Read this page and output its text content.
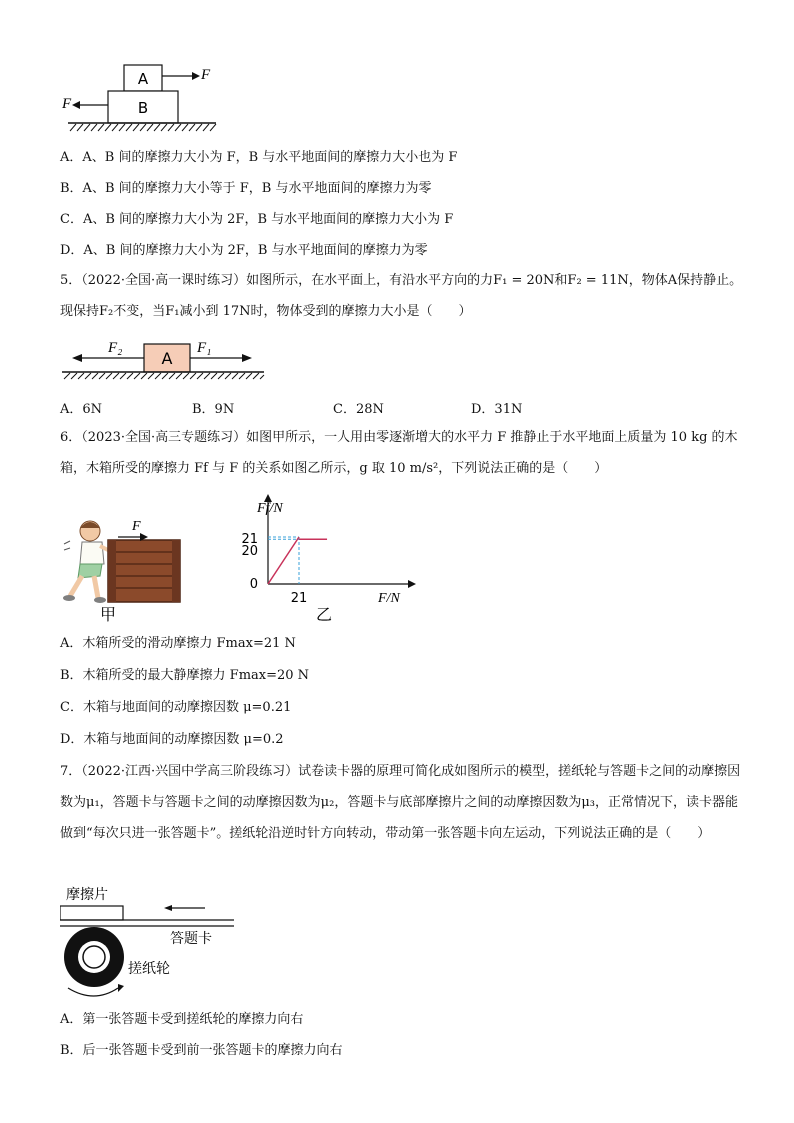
A
B
F
F
A．A、B 间的摩擦力大小为 F，B 与水平地面间的摩擦力大小也为 F
B．A、B 间的摩擦力大小等于 F，B 与水平地面间的摩擦力为零
C．A、B 间的摩擦力大小为 2F，B 与水平地面间的摩擦力大小为 F
D．A、B 间的摩擦力大小为 2F，B 与水平地面间的摩擦力为零
5．（2022·全国·高一课时练习）如图所示，在水平面上，有沿水平方向的力F₁ = 20N和F₂ = 11N，物体A保持静止。现保持F₂不变，当F₁减小到 17N时，物体受到的摩擦力大小是（　　）
A
F₂	F₁
A．6N	B．9N	C．28N	D．31N
6．（2023·全国·高三专题练习）如图甲所示，一人用由零逐渐增大的水平力 F 推静止于水平地面上质量为 10 kg 的木箱，木箱所受的摩擦力 Ff 与 F 的关系如图乙所示，g 取 10 m/s²，下列说法正确的是（　　）
F
甲
Ff/N
F/N
21
20
0
21
乙
A．木箱所受的滑动摩擦力 Fmax=21 N
B．木箱所受的最大静摩擦力 Fmax=20 N
C．木箱与地面间的动摩擦因数 μ=0.21
D．木箱与地面间的动摩擦因数 μ=0.2
7．（2022·江西·兴国中学高三阶段练习）试卷读卡器的原理可简化成如图所示的模型，搓纸轮与答题卡之间的动摩擦因数为μ₁，答题卡与答题卡之间的动摩擦因数为μ₂，答题卡与底部摩擦片之间的动摩擦因数为μ₃，正常情况下，读卡器能做到“每次只进一张答题卡”。搓纸轮沿逆时针方向转动，带动第一张答题卡向左运动，下列说法正确的是（　　）
摩擦片
答题卡
搓纸轮
A．第一张答题卡受到搓纸轮的摩擦力向右
B．后一张答题卡受到前一张答题卡的摩擦力向右
